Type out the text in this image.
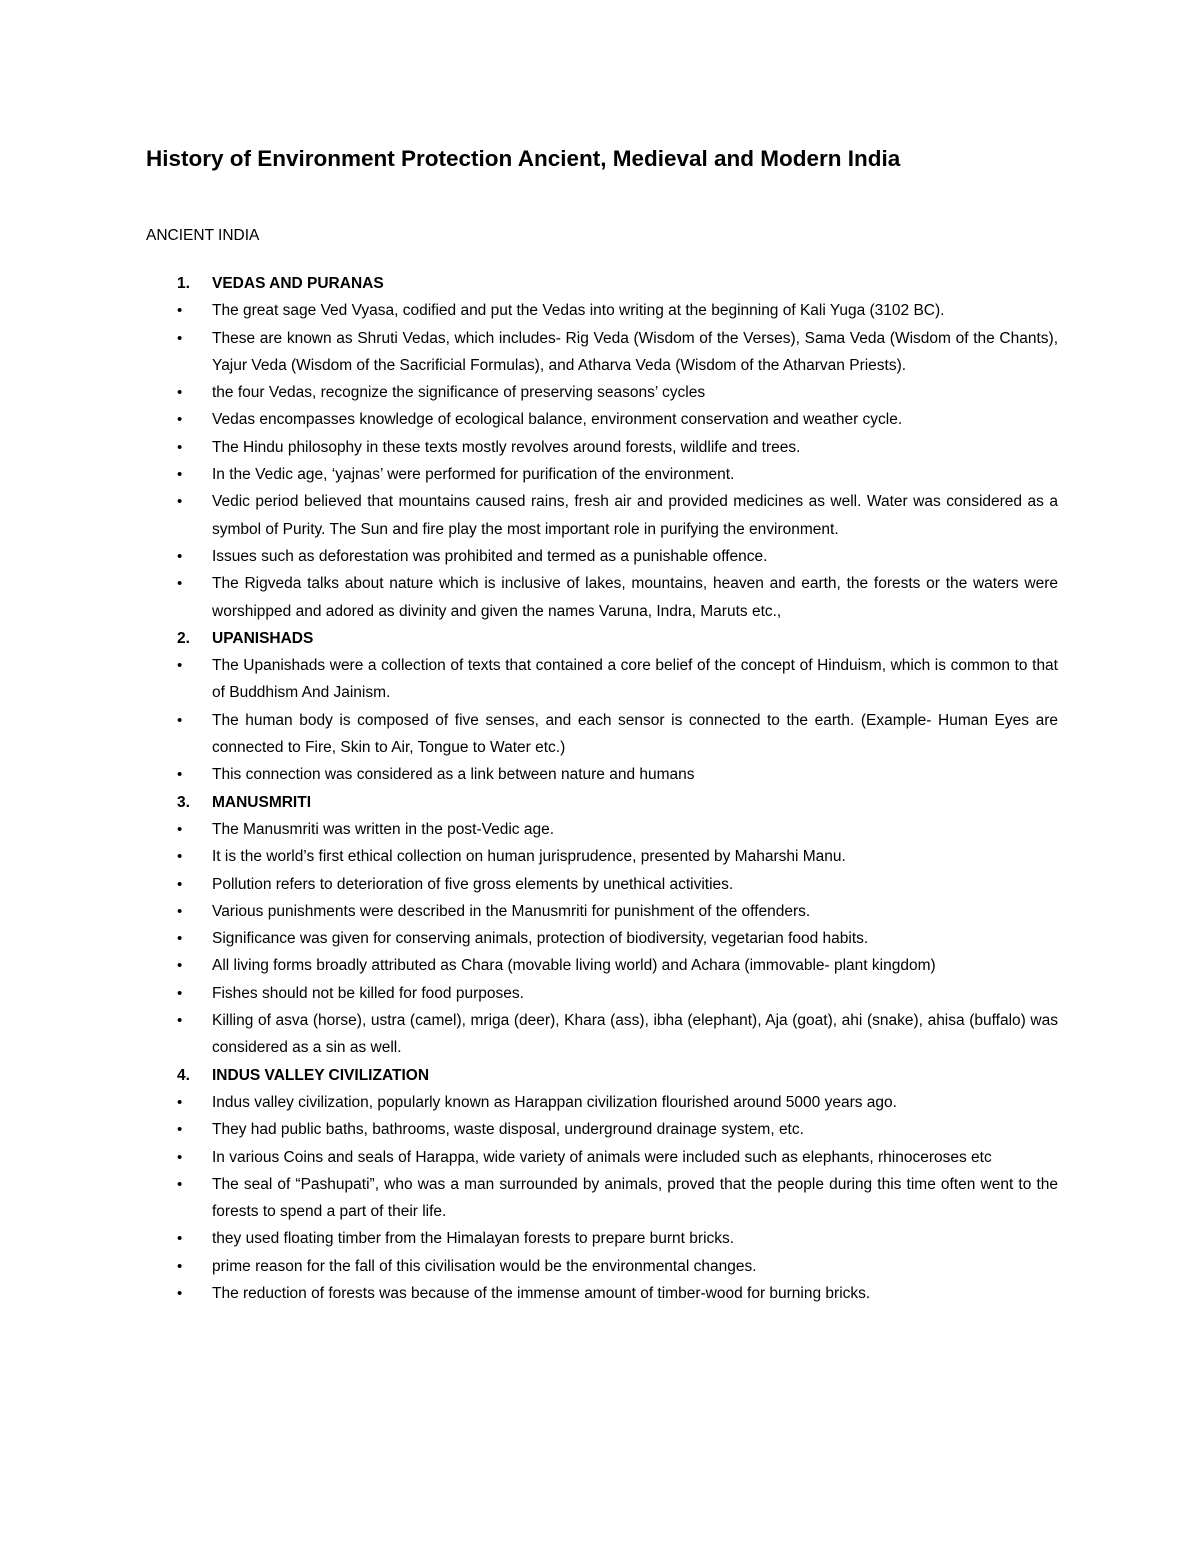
History of Environment Protection Ancient, Medieval and Modern India

ANCIENT INDIA

1. VEDAS AND PURANAS
• The great sage Ved Vyasa, codified and put the Vedas into writing at the beginning of Kali Yuga (3102 BC).
• These are known as Shruti Vedas, which includes- Rig Veda (Wisdom of the Verses), Sama Veda (Wisdom of the Chants), Yajur Veda (Wisdom of the Sacrificial Formulas), and Atharva Veda (Wisdom of the Atharvan Priests).
• the four Vedas, recognize the significance of preserving seasons’ cycles
• Vedas encompasses knowledge of ecological balance, environment conservation and weather cycle.
• The Hindu philosophy in these texts mostly revolves around forests, wildlife and trees.
• In the Vedic age, ‘yajnas’ were performed for purification of the environment.
• Vedic period believed that mountains caused rains, fresh air and provided medicines as well. Water was considered as a symbol of Purity. The Sun and fire play the most important role in purifying the environment.
• Issues such as deforestation was prohibited and termed as a punishable offence.
• The Rigveda talks about nature which is inclusive of lakes, mountains, heaven and earth, the forests or the waters were worshipped and adored as divinity and given the names Varuna, Indra, Maruts etc.,
2. UPANISHADS
• The Upanishads were a collection of texts that contained a core belief of the concept of Hinduism, which is common to that of Buddhism And Jainism.
• The human body is composed of five senses, and each sensor is connected to the earth. (Example- Human Eyes are connected to Fire, Skin to Air, Tongue to Water etc.)
• This connection was considered as a link between nature and humans
3. MANUSMRITI
• The Manusmriti was written in the post-Vedic age.
• It is the world’s first ethical collection on human jurisprudence, presented by Maharshi Manu.
• Pollution refers to deterioration of five gross elements by unethical activities.
• Various punishments were described in the Manusmriti for punishment of the offenders.
• Significance was given for conserving animals, protection of biodiversity, vegetarian food habits.
• All living forms broadly attributed as Chara (movable living world) and Achara (immovable- plant kingdom)
• Fishes should not be killed for food purposes.
• Killing of asva (horse), ustra (camel), mriga (deer), Khara (ass), ibha (elephant), Aja (goat), ahi (snake), ahisa (buffalo) was considered as a sin as well.
4. INDUS VALLEY CIVILIZATION
• Indus valley civilization, popularly known as Harappan civilization flourished around 5000 years ago.
• They had public baths, bathrooms, waste disposal, underground drainage system, etc.
• In various Coins and seals of Harappa, wide variety of animals were included such as elephants, rhinoceroses etc
• The seal of “Pashupati”, who was a man surrounded by animals, proved that the people during this time often went to the forests to spend a part of their life.
• they used floating timber from the Himalayan forests to prepare burnt bricks.
• prime reason for the fall of this civilisation would be the environmental changes.
• The reduction of forests was because of the immense amount of timber-wood for burning bricks.
